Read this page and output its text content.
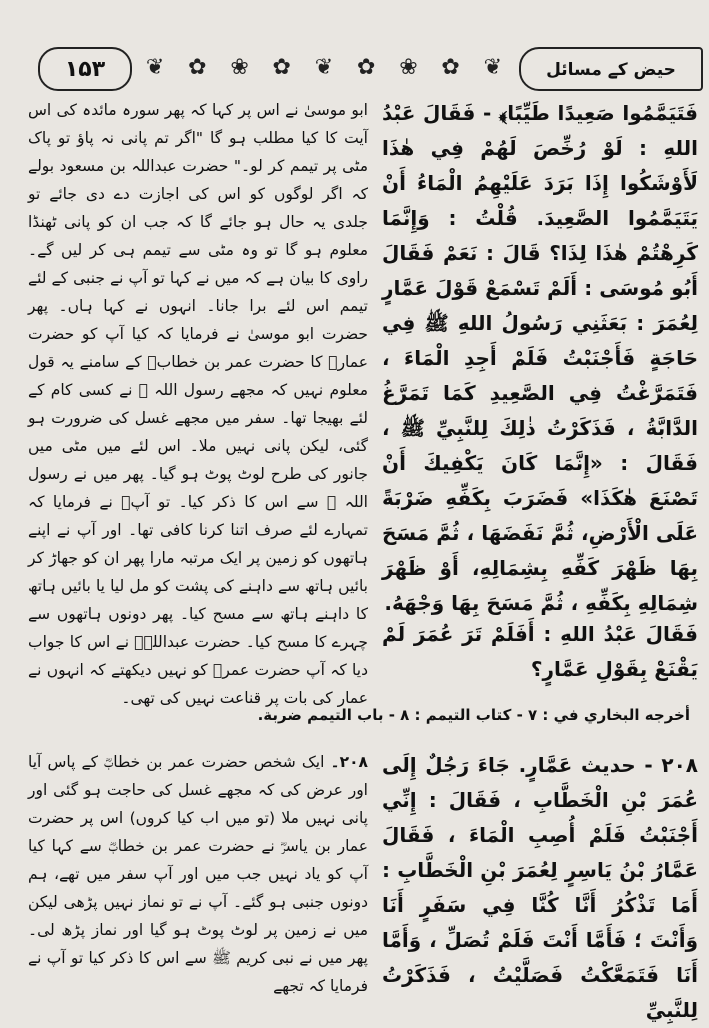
۱۵۳	❦ ✿ ❀ ✿ ❦ ✿ ❀ ✿ ❦	حیض کے مسائل

فَتَيَمَّمُوا صَعِيدًا طَيِّبًا﴾ - فَقَالَ عَبْدُ اللهِ : لَوْ رُخِّصَ لَهُمْ فِي هٰذَا لَأَوْشَكُوا إِذَا بَرَدَ عَلَيْهِمُ الْمَاءُ أَنْ يَتَيَمَّمُوا الصَّعِيدَ. قُلْتُ : وَإِنَّمَا كَرِهْتُمْ هٰذَا لِذَا؟ قَالَ : نَعَمْ فَقَالَ أَبُو مُوسَى : أَلَمْ تَسْمَعْ قَوْلَ عَمَّارٍ لِعُمَرَ : بَعَثَنِي رَسُولُ اللهِ ﷺ فِي حَاجَةٍ فَأَجْنَبْتُ فَلَمْ أَجِدِ الْمَاءَ ، فَتَمَرَّغْتُ فِي الصَّعِيدِ كَمَا تَمَرَّغُ الدَّابَّةُ ، فَذَكَرْتُ ذٰلِكَ لِلنَّبِيِّ ﷺ ، فَقَالَ : «إِنَّمَا كَانَ يَكْفِيكَ أَنْ تَصْنَعَ هٰكَذَا» فَضَرَبَ بِكَفِّهِ ضَرْبَةً عَلَى الْأَرْضِ، ثُمَّ نَفَضَهَا ، ثُمَّ مَسَحَ بِهَا ظَهْرَ كَفِّهِ بِشِمَالِهِ، أَوْ ظَهْرَ شِمَالِهِ بِكَفِّهِ ، ثُمَّ مَسَحَ بِهَا وَجْهَهُ.

ابو موسیٰ نے اس پر کہا کہ پھر سورہ مائدہ کی اس آیت کا کیا مطلب ہو گا "اگر تم پانی نہ پاؤ تو پاک مٹی پر تیمم کر لو۔" حضرت عبداللہ بن مسعود بولے کہ اگر لوگوں کو اس کی اجازت دے دی جائے تو جلدی یہ حال ہو جائے گا کہ جب ان کو پانی ٹھنڈا معلوم ہو گا تو وہ مٹی سے تیمم ہی کر لیں گے۔ راوی کا بیان ہے کہ میں نے کہا تو آپ نے جنبی کے لئے تیمم اس لئے برا جانا۔ انہوں نے کہا ہاں۔ پھر حضرت ابو موسیٰ نے فرمایا کہ کیا آپ کو حضرت عمارؓ کا حضرت عمر بن خطابؓ کے سامنے یہ قول معلوم نہیں کہ مجھے رسول اللہ ﷺ نے کسی کام کے لئے بھیجا تھا۔ سفر میں مجھے غسل کی ضرورت ہو گئی، لیکن پانی نہیں ملا۔ اس لئے میں مٹی میں جانور کی طرح لوٹ پوٹ ہو گیا۔ پھر میں نے رسول اللہ ﷺ سے اس کا ذکر کیا۔ تو آپؐ نے فرمایا کہ تمہارے لئے صرف اتنا کرنا کافی تھا۔ اور آپ نے اپنے ہاتھوں کو زمین پر ایک مرتبہ مارا پھر ان کو جھاڑ کر بائیں ہاتھ سے داہنے کی پشت کو مل لیا یا بائیں ہاتھ کا داہنے ہاتھ سے مسح کیا۔ پھر دونوں ہاتھوں سے چہرے کا مسح کیا۔ حضرت عبداللہؓ نے اس کا جواب دیا کہ آپ حضرت عمرؓ کو نہیں دیکھتے کہ انہوں نے عمار کی بات پر قناعت نہیں کی تھی۔

فَقَالَ عَبْدُ اللهِ : أَفَلَمْ تَرَ عُمَرَ لَمْ يَقْنَعْ بِقَوْلِ عَمَّارٍ؟

أخرجه البخاري في : ٧ - كتاب التيمم : ٨ - باب التيمم ضربة.

٢٠٨ - حديث عَمَّارٍ. جَاءَ رَجُلٌ إِلَى عُمَرَ بْنِ الْخَطَّابِ ، فَقَالَ : إِنِّي أَجْنَبْتُ فَلَمْ أُصِبِ الْمَاءَ ، فَقَالَ عَمَّارُ بْنُ يَاسِرٍ لِعُمَرَ بْنِ الْخَطَّابِ : أَمَا تَذْكُرُ أَنَّا كُنَّا فِي سَفَرٍ أَنَا وَأَنْتَ ؛ فَأَمَّا أَنْتَ فَلَمْ تُصَلِّ ، وَأَمَّا أَنَا فَتَمَعَّكْتُ فَصَلَّيْتُ ، فَذَكَرْتُ لِلنَّبِيِّ

۲۰۸۔ ایک شخص حضرت عمر بن خطابؓ کے پاس آیا اور عرض کی کہ مجھے غسل کی حاجت ہو گئی اور پانی نہیں ملا (تو میں اب کیا کروں) اس پر حضرت عمار بن یاسرؓ نے حضرت عمر بن خطابؓ سے کہا کیا آپ کو یاد نہیں جب میں اور آپ سفر میں تھے، ہم دونوں جنبی ہو گئے۔ آپ نے تو نماز نہیں پڑھی لیکن میں نے زمین پر لوٹ پوٹ ہو گیا اور نماز پڑھ لی۔ پھر میں نے نبی کریم ﷺ سے اس کا ذکر کیا تو آپ نے فرمایا کہ تجھے
